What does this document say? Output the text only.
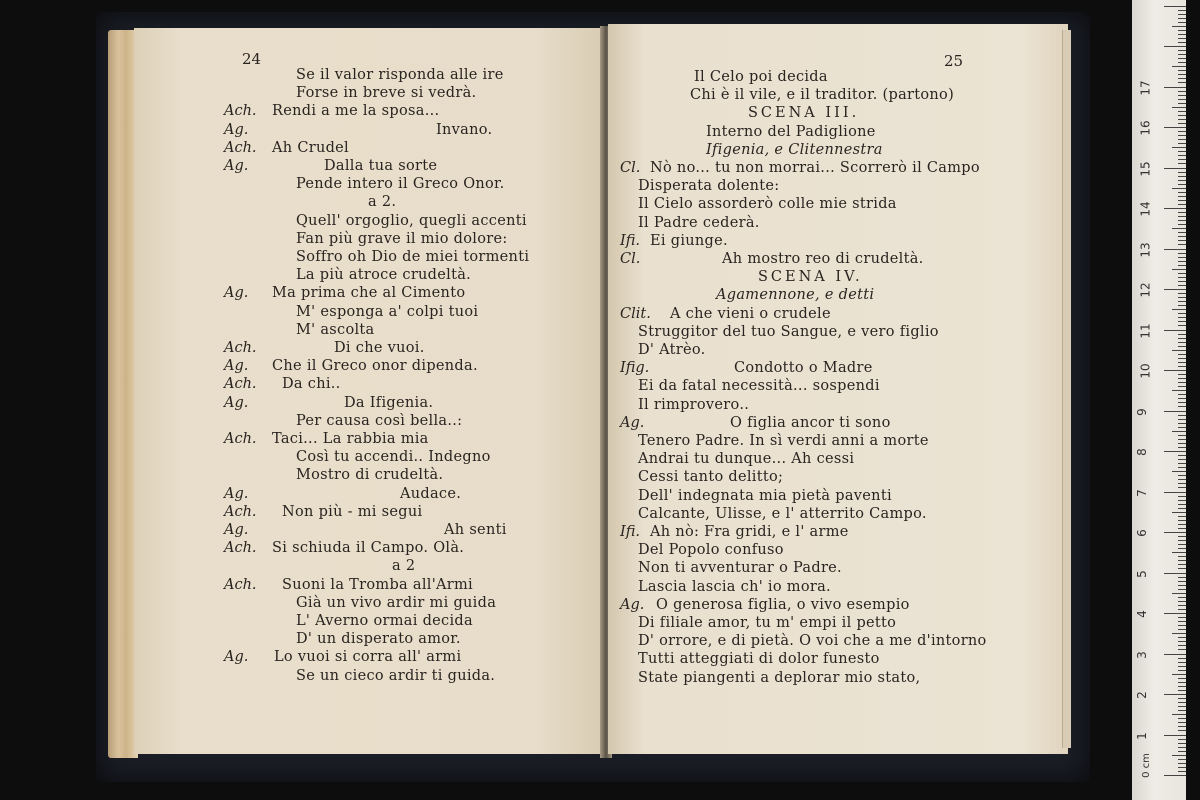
24
Se il valor risponda alle ire
Forse in breve si vedrà.
Ach. Rendi a me la sposa...
Ag.	Invano.
Ach. Ah Crudel
Ag.	Dalla tua sorte
Pende intero il Greco Onor.
a 2.
Quell' orgoglio, quegli accenti
Fan più grave il mio dolore:
Soffro oh Dio de miei tormenti
La più atroce crudeltà.
Ag. Ma prima che al Cimento
M' esponga a' colpi tuoi
M' ascolta
Ach.	Di che vuoi.
Ag. Che il Greco onor dipenda.
Ach. Da chi..
Ag.	Da Ifigenia.
Per causa così bella..:
Ach. Taci... La rabbia mia
Così tu accendi.. Indegno
Mostro di crudeltà.
Ag.	Audace.
Ach. Non più - mi segui
Ag.	Ah senti
Ach. Si schiuda il Campo. Olà.
a 2
Ach. Suoni la Tromba all'Armi
Già un vivo ardir mi guida
L' Averno ormai decida
D' un disperato amor.
Ag. Lo vuoi si corra all' armi
Se un cieco ardir ti guida.
25
Il Celo poi decida
Chi è il vile, e il traditor. (partono)
SCENA III.
Interno del Padiglione
Ifigenia, e Clitennestra
Cl. Nò no... tu non morrai... Scorrerò il Campo
Disperata dolente:
Il Cielo assorderò colle mie strida
Il Padre cederà.
Ifi. Ei giunge.
Cl.	Ah mostro reo di crudeltà.
SCENA IV.
Agamennone, e detti
Clit. A che vieni o crudele
Struggitor del tuo Sangue, e vero figlio
D' Atrèo.
Ifig.	Condotto o Madre
Ei da fatal necessità... sospendi
Il rimprovero..
Ag.	O figlia ancor ti sono
Tenero Padre. In sì verdi anni a morte
Andrai tu dunque... Ah cessi
Cessi tanto delitto;
Dell' indegnata mia pietà paventi
Calcante, Ulisse, e l' atterrito Campo.
Ifi. Ah nò: Fra gridi, e l' arme
Del Popolo confuso
Non ti avventurar o Padre.
Lascia lascia ch' io mora.
Ag. O generosa figlia, o vivo esempio
Di filiale amor, tu m' empi il petto
D' orrore, e di pietà. O voi che a me d'intorno
Tutti atteggiati di dolor funesto
State piangenti a deplorar mio stato,
0 cm
1
2
3
4
5
6
7
8
9
10
11
12
13
14
15
16
17
